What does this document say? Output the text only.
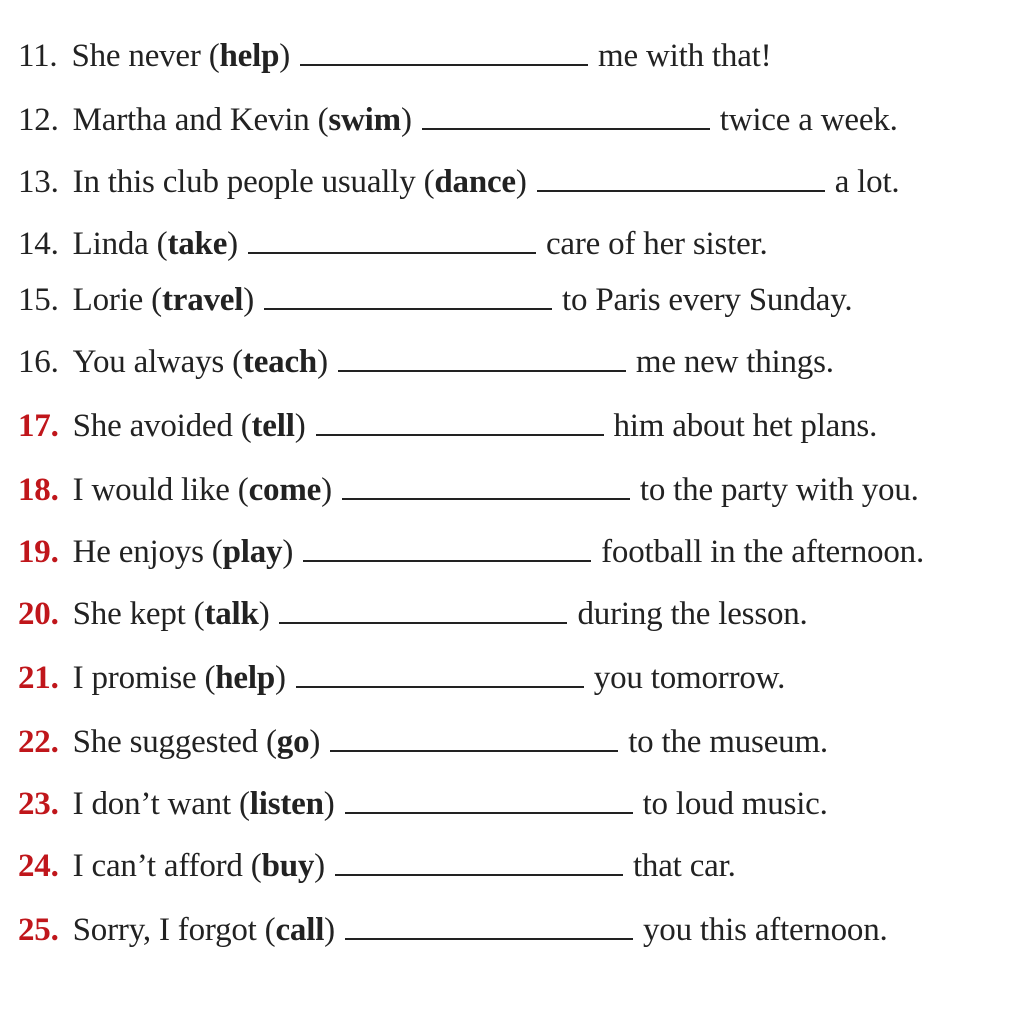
11. She never (help)	me with that!
12. Martha and Kevin (swim)	twice a week.
13. In this club people usually (dance)	a lot.
14. Linda (take)	care of her sister.
15. Lorie (travel)	to Paris every Sunday.
16. You always (teach)	me new things.
17. She avoided (tell)	him about het plans.
18. I would like (come)	to the party with you.
19. He enjoys (play)	football in the afternoon.
20. She kept (talk)	during the lesson.
21. I promise (help)	you tomorrow.
22. She suggested (go)	to the museum.
23. I don’t want (listen)	to loud music.
24. I can’t afford (buy)	that car.
25. Sorry, I forgot (call)	you this afternoon.
